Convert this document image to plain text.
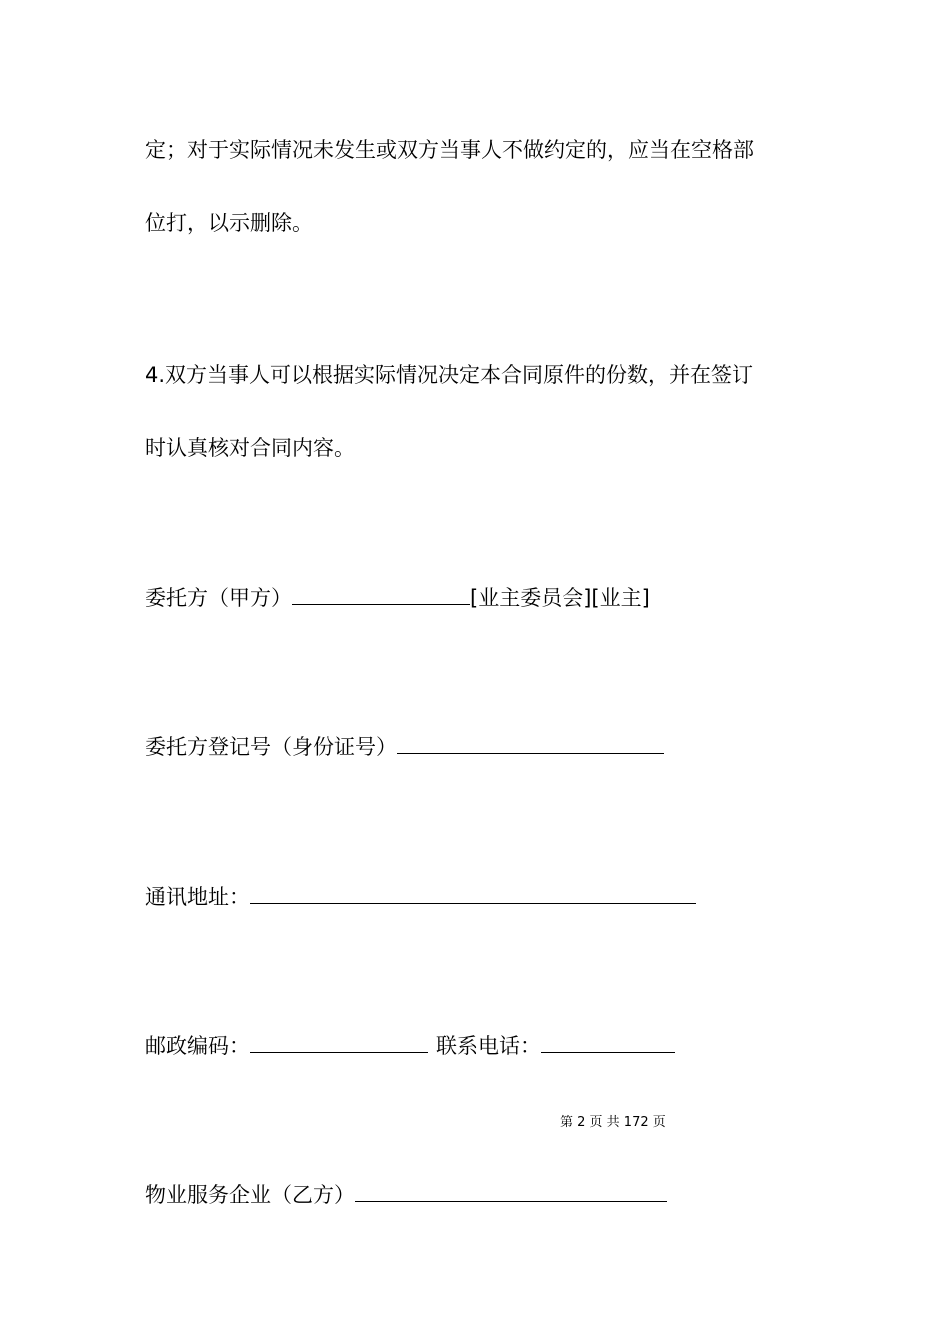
定；对于实际情况未发生或双方当事人不做约定的，应当在空格部
位打，以示删除。
4.双方当事人可以根据实际情况决定本合同原件的份数，并在签订
时认真核对合同内容。
委托方（甲方）	[业主委员会][业主]
委托方登记号（身份证号）
通讯地址：
邮政编码：	联系电话：
第 2 页 共 172 页
物业服务企业（乙方）
